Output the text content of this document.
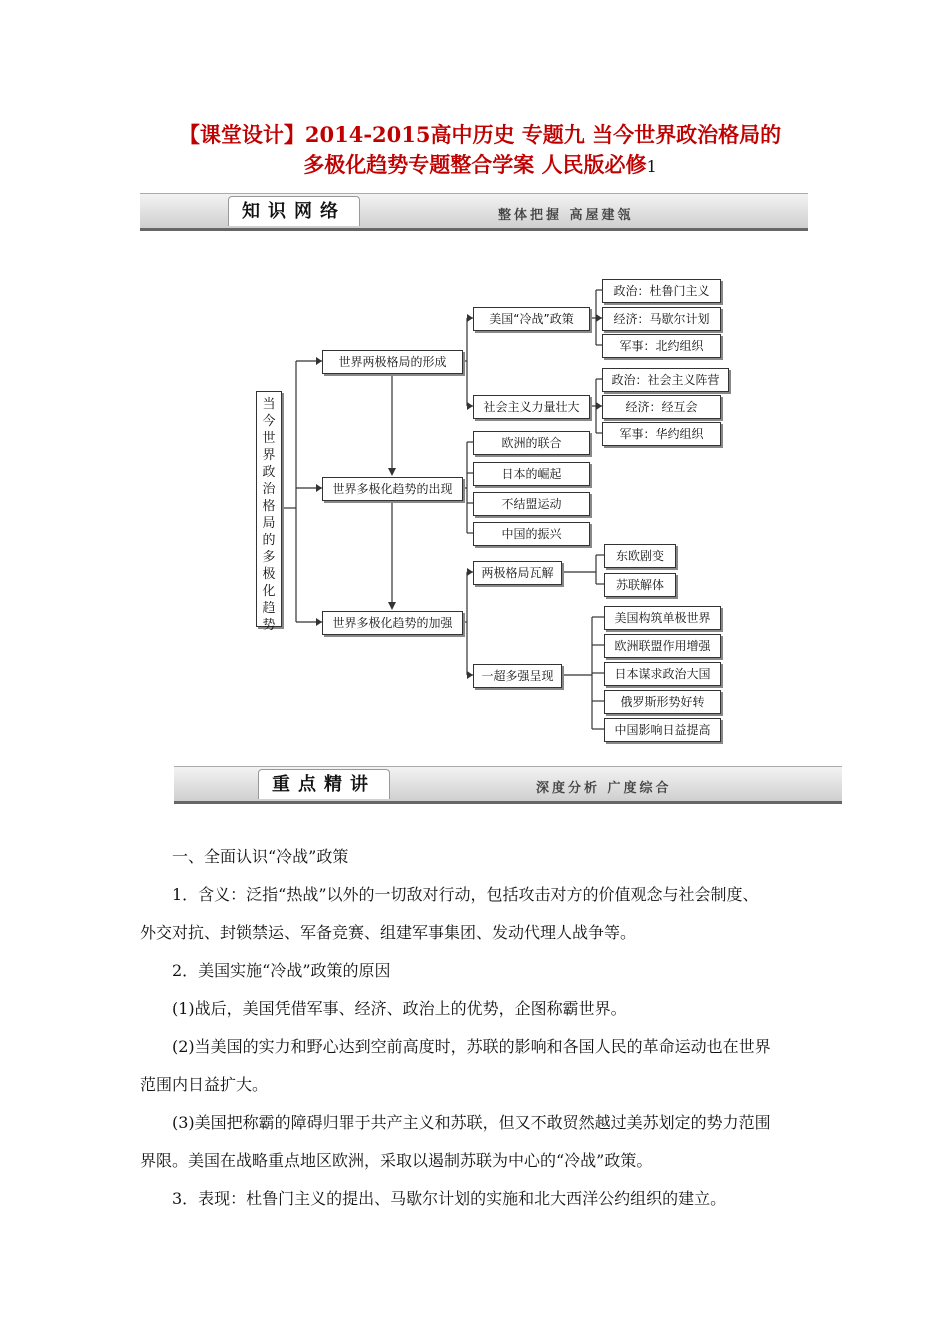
【课堂设计】2014-2015高中历史 专题九 当今世界政治格局的
多极化趋势专题整合学案 人民版必修1
知识网络	整体把握 高屋建瓴
当
今
世
界
政
治
格
局
的
多
极
化
趋
势
世界两极格局的形成
世界多极化趋势的出现
世界多极化趋势的加强
美国“冷战”政策
社会主义力量壮大
欧洲的联合
日本的崛起
不结盟运动
中国的振兴
两极格局瓦解
一超多强呈现
政治：杜鲁门主义
经济：马歇尔计划
军事：北约组织
政治：社会主义阵营
经济：经互会
军事：华约组织
东欧剧变
苏联解体
美国构筑单极世界
欧洲联盟作用增强
日本谋求政治大国
俄罗斯形势好转
中国影响日益提高
重点精讲	深度分析 广度综合

一、全面认识“冷战”政策

1．含义：泛指“热战”以外的一切敌对行动，包括攻击对方的价值观念与社会制度、

外交对抗、封锁禁运、军备竞赛、组建军事集团、发动代理人战争等。

2．美国实施“冷战”政策的原因

(1)战后，美国凭借军事、经济、政治上的优势，企图称霸世界。

(2)当美国的实力和野心达到空前高度时，苏联的影响和各国人民的革命运动也在世界

范围内日益扩大。

(3)美国把称霸的障碍归罪于共产主义和苏联，但又不敢贸然越过美苏划定的势力范围

界限。美国在战略重点地区欧洲，采取以遏制苏联为中心的“冷战”政策。

3．表现：杜鲁门主义的提出、马歇尔计划的实施和北大西洋公约组织的建立。
